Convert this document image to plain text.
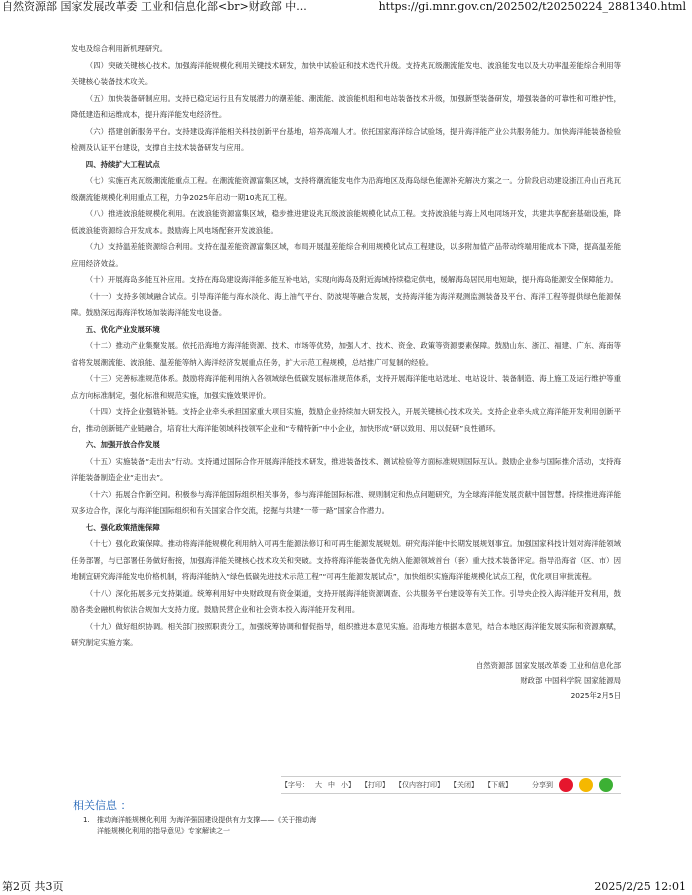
自然资源部 国家发展改革委 工业和信息化部<br>财政部 中...	https://gi.mnr.gov.cn/202502/t20250224_2881340.html

发电及综合利用新机理研究。

（四）突破关键核心技术。加强海洋能规模化利用关键技术研发，加快中试验证和技术迭代升级。支持兆瓦级潮流能发电、波浪能发电以及大功率温差能综合利用等关键核心装备技术攻关。

（五）加快装备研制应用。支持已稳定运行且有发展潜力的潮差能、潮流能、波浪能机组和电站装备技术升级，加强新型装备研发，增强装备的可靠性和可维护性，降低建造和运维成本，提升海洋能发电经济性。

（六）搭建创新服务平台。支持建设海洋能相关科技创新平台基地，培养高端人才。依托国家海洋综合试验场，提升海洋能产业公共服务能力。加快海洋能装备检验检测及认证平台建设，支撑自主技术装备研发与应用。

四、持续扩大工程试点

（七）实施百兆瓦级潮流能重点工程。在潮流能资源富集区域，支持将潮流能发电作为沿海地区及海岛绿色能源补充解决方案之一。分阶段启动建设浙江舟山百兆瓦级潮流能规模化利用重点工程，力争2025年启动一期10兆瓦工程。

（八）推进波浪能规模化利用。在波浪能资源富集区域，稳步推进建设兆瓦级波浪能规模化试点工程。支持波浪能与海上风电同场开发，共建共享配套基础设施，降低波浪能资源综合开发成本。鼓励海上风电场配套开发波浪能。

（九）支持温差能资源综合利用。支持在温差能资源富集区域，布局开展温差能综合利用规模化试点工程建设，以多附加值产品带动终端用能成本下降，提高温差能应用经济效益。

（十）开展海岛多能互补应用。支持在海岛建设海洋能多能互补电站，实现向海岛及附近海域持续稳定供电，缓解海岛居民用电短缺，提升海岛能源安全保障能力。

（十一）支持多领域融合试点。引导海洋能与海水淡化、海上油气平台、防波堤等融合发展，支持海洋能为海洋观测监测装备及平台、海洋工程等提供绿色能源保障。鼓励深远海海洋牧场加装海洋能发电设备。

五、优化产业发展环境

（十二）推动产业集聚发展。依托沿海地方海洋能资源、技术、市场等优势，加强人才、技术、资金、政策等资源要素保障。鼓励山东、浙江、福建、广东、海南等省将发展潮流能、波浪能、温差能等纳入海洋经济发展重点任务，扩大示范工程规模，总结推广可复制的经验。

（十三）完善标准规范体系。鼓励将海洋能利用纳入各领域绿色低碳发展标准规范体系，支持开展海洋能电站选址、电站设计、装备制造、海上施工及运行维护等重点方向标准制定，强化标准和规范实施，加强实施效果评价。

（十四）支持企业强链补链。支持企业牵头承担国家重大项目实施，鼓励企业持续加大研发投入，开展关键核心技术攻关。支持企业牵头成立海洋能开发利用创新平台，推动创新链产业链融合，培育壮大海洋能领域科技领军企业和“专精特新”中小企业，加快形成“研以致用、用以促研”良性循环。

六、加强开放合作发展

（十五）实施装备“走出去”行动。支持通过国际合作开展海洋能技术研发，推进装备技术、测试检验等方面标准规则国际互认。鼓励企业参与国际推介活动，支持海洋能装备制造企业“走出去”。

（十六）拓展合作新空间。积极参与海洋能国际组织相关事务，参与海洋能国际标准、规则制定和热点问题研究，为全球海洋能发展贡献中国智慧。持续推进海洋能双多边合作，深化与海洋能国际组织和有关国家合作交流，挖掘与共建“一带一路”国家合作潜力。

七、强化政策措施保障

（十七）强化政策保障。推动将海洋能规模化利用纳入可再生能源法修订和可再生能源发展规划。研究海洋能中长期发展规划事宜。加强国家科技计划对海洋能领域任务部署，与已部署任务做好衔接，加强海洋能关键核心技术攻关和突破。支持将海洋能装备优先纳入能源领域首台（套）重大技术装备评定。指导沿海省（区、市）因地制宜研究海洋能发电价格机制，将海洋能纳入“绿色低碳先进技术示范工程”“可再生能源发展试点”，加快组织实施海洋能规模化试点工程，优化项目审批流程。

（十八）深化拓展多元支持渠道。统筹利用好中央财政现有资金渠道，支持开展海洋能资源调查、公共服务平台建设等有关工作。引导央企投入海洋能开发利用，鼓励各类金融机构依法合规加大支持力度。鼓励民营企业和社会资本投入海洋能开发利用。

（十九）做好组织协调。相关部门按照职责分工，加强统筹协调和督促指导，组织推进本意见实施。沿海地方根据本意见，结合本地区海洋能发展实际和资源禀赋，研究制定实施方案。

自然资源部 国家发展改革委 工业和信息化部
财政部 中国科学院 国家能源局
2025年2月5日
【字号： 大 中 小】 【打印】 【仅内容打印】 【关闭】 【下载】	分享到
相关信息 ：
1.	推动海洋能规模化利用 为海洋强国建设提供有力支撑——《关于推动海洋能规模化利用的指导意见》专家解读之一
第2页 共3页	2025/2/25 12:01
